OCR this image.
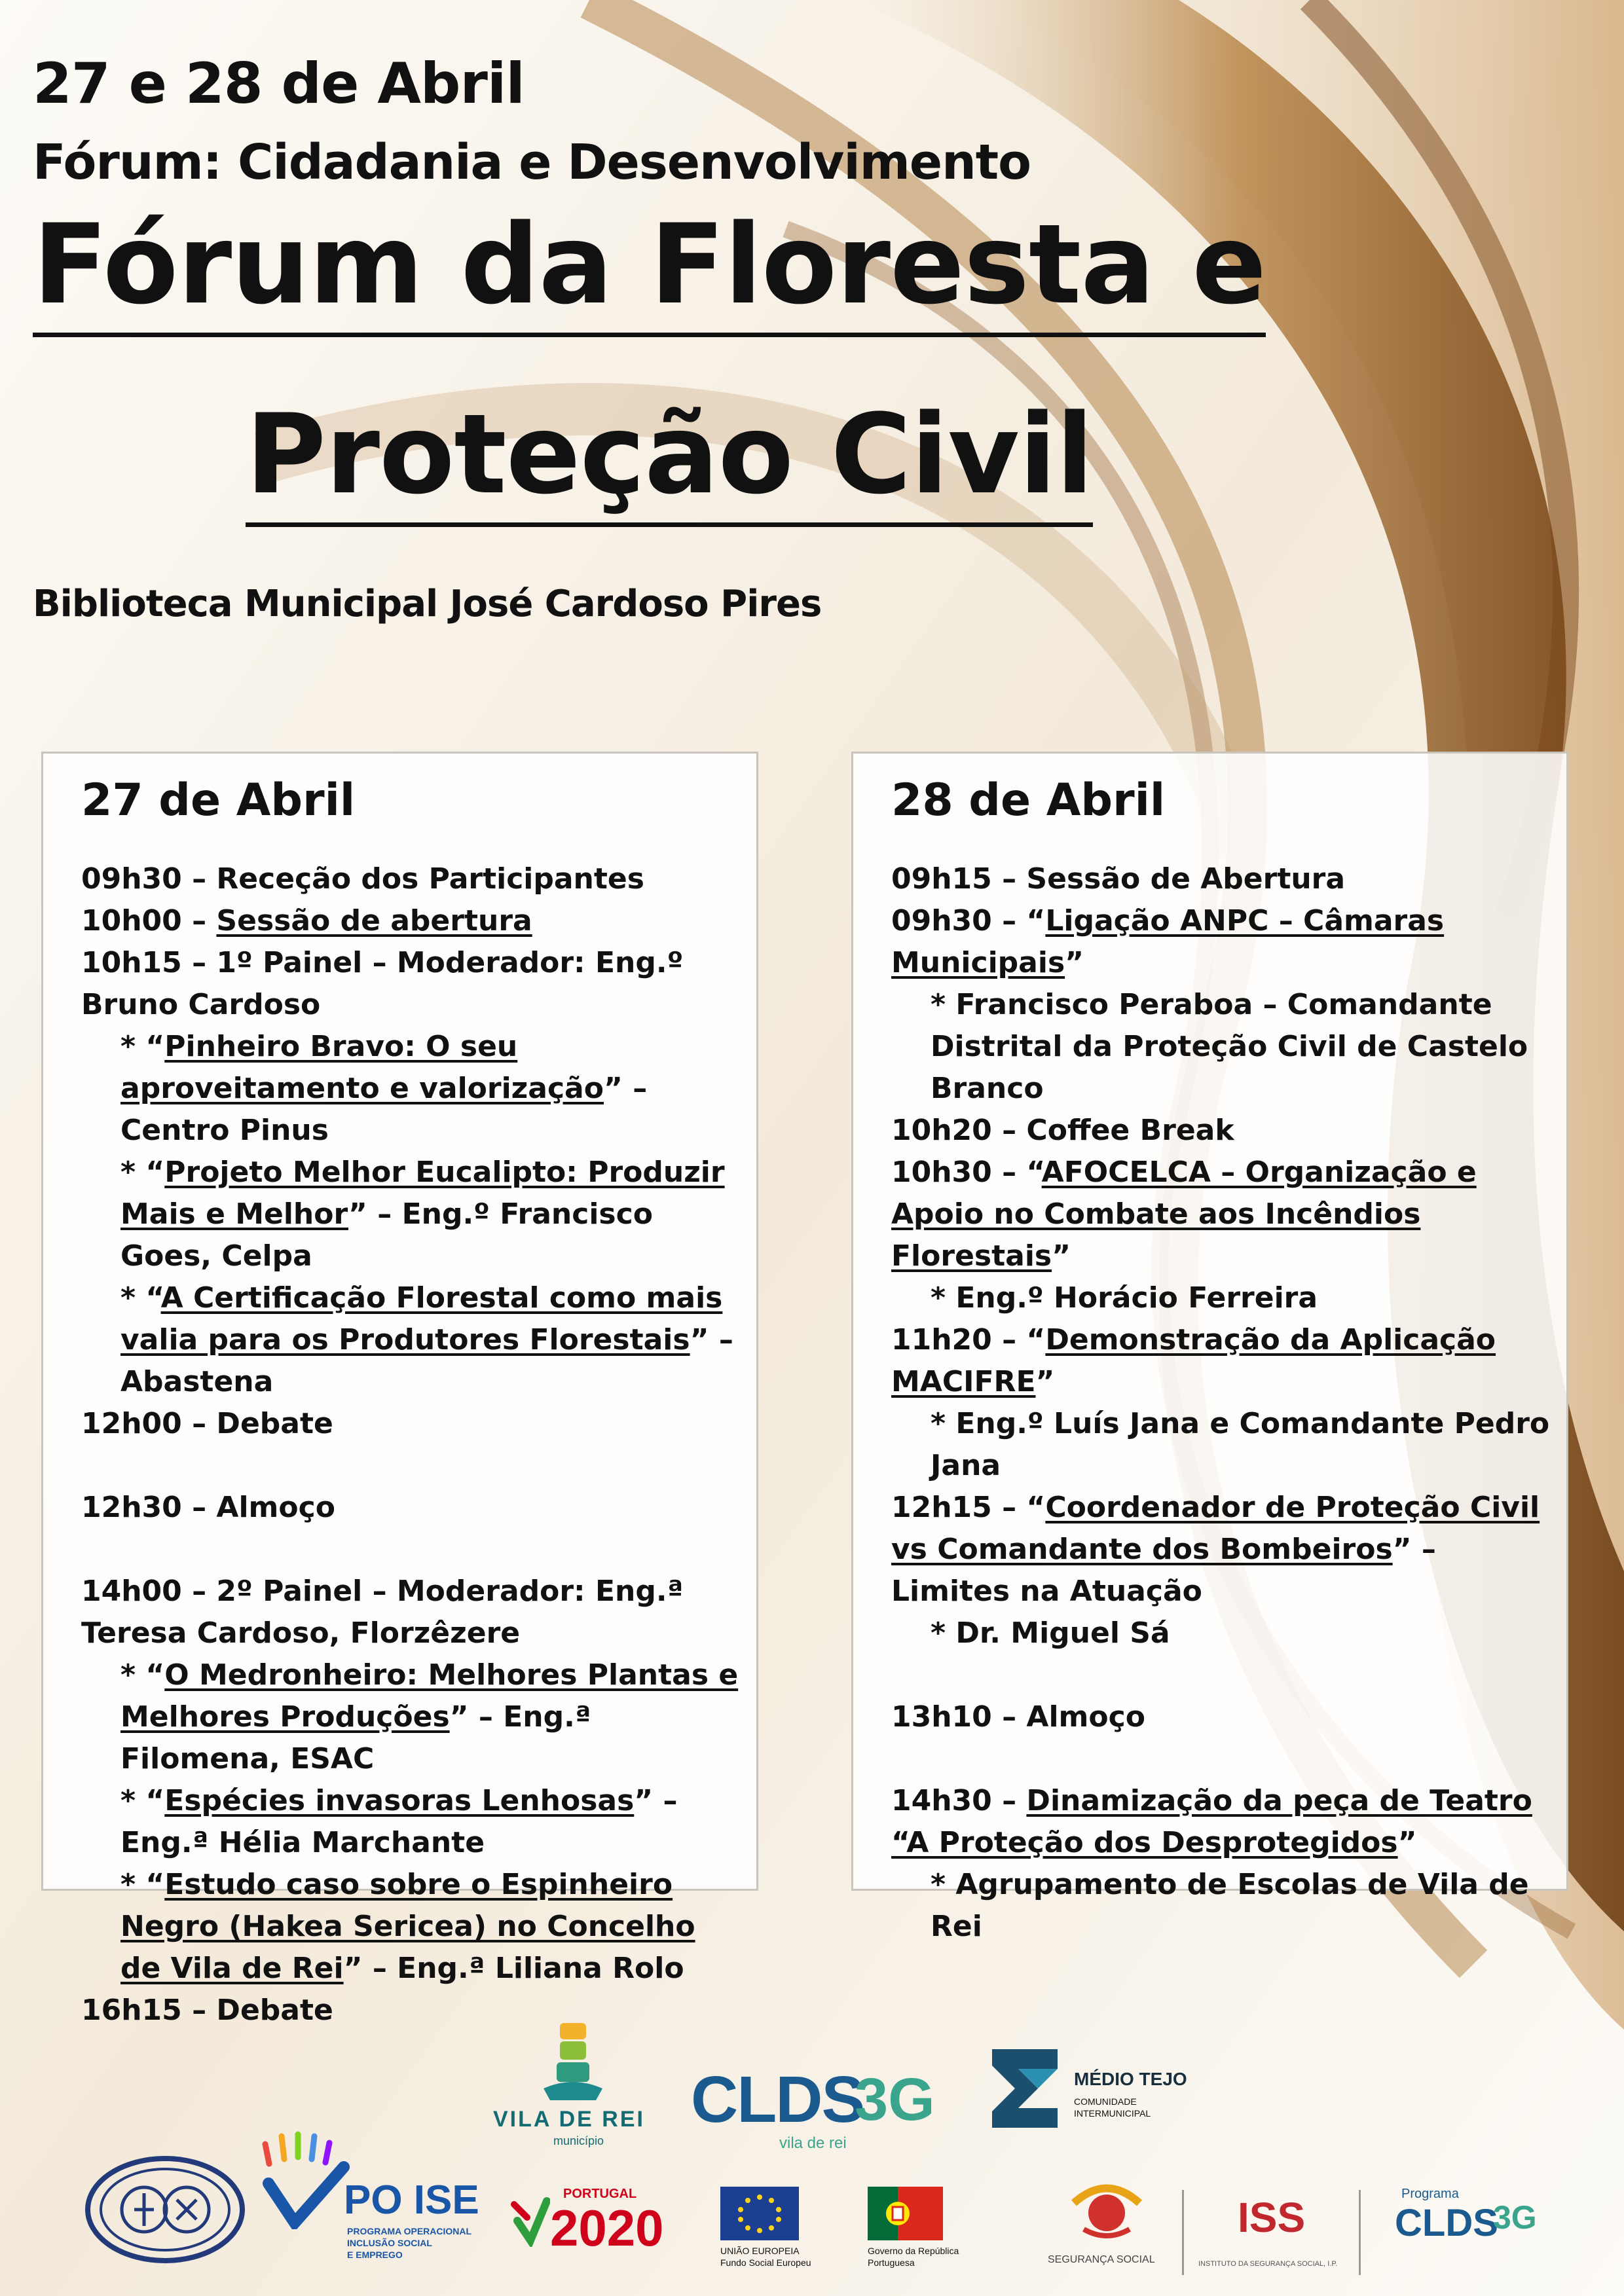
27 e 28 de Abril
Fórum: Cidadania e Desenvolvimento
Fórum da Floresta e
Proteção Civil
Biblioteca Municipal José Cardoso Pires
27 de Abril
09h30 – Receção dos Participantes
10h00 – Sessão de abertura
10h15 – 1º Painel – Moderador: Eng.º Bruno Cardoso
* “Pinheiro Bravo: O seu aproveitamento e valorização” – Centro Pinus
* “Projeto Melhor Eucalipto: Produzir Mais e Melhor” – Eng.º Francisco Goes, Celpa
* “A Certificação Florestal como mais valia para os Produtores Florestais” – Abastena
12h00 – Debate
12h30 – Almoço
14h00 – 2º Painel – Moderador: Eng.ª Teresa Cardoso, Florzêzere
* “O Medronheiro: Melhores Plantas e Melhores Produções” – Eng.ª Filomena, ESAC
* “Espécies invasoras Lenhosas” – Eng.ª Hélia Marchante
* “Estudo caso sobre o Espinheiro Negro (Hakea Sericea) no Concelho de Vila de Rei” – Eng.ª Liliana Rolo
16h15 – Debate
28 de Abril
09h15 – Sessão de Abertura
09h30 – “Ligação ANPC – Câmaras Municipais”
* Francisco Peraboa – Comandante Distrital da Proteção Civil de Castelo Branco
10h20 – Coffee Break
10h30 – “AFOCELCA – Organização e Apoio no Combate aos Incêndios Florestais”
* Eng.º Horácio Ferreira
11h20 – “Demonstração da Aplicação MACIFRE”
* Eng.º Luís Jana e Comandante Pedro Jana
12h15 – “Coordenador de Proteção Civil vs Comandante dos Bombeiros” – Limites na Atuação
* Dr. Miguel Sá
13h10 – Almoço
14h30 – Dinamização da peça de Teatro “A Proteção dos Desprotegidos”
* Agrupamento de Escolas de Vila de Rei
VILA DE REI
município
CLDS
3G
vila de rei
MÉDIO TEJO
COMUNIDADE
INTERMUNICIPAL
PO ISE
PROGRAMA OPERACIONAL
INCLUSÃO SOCIAL
E EMPREGO
PORTUGAL
2020	UNIÃO EUROPEIA
Fundo Social Europeu
Governo da República
Portuguesa	SEGURANÇA SOCIAL
ISS
INSTITUTO DA SEGURANÇA SOCIAL, I.P.
Programa
CLDS
3G
